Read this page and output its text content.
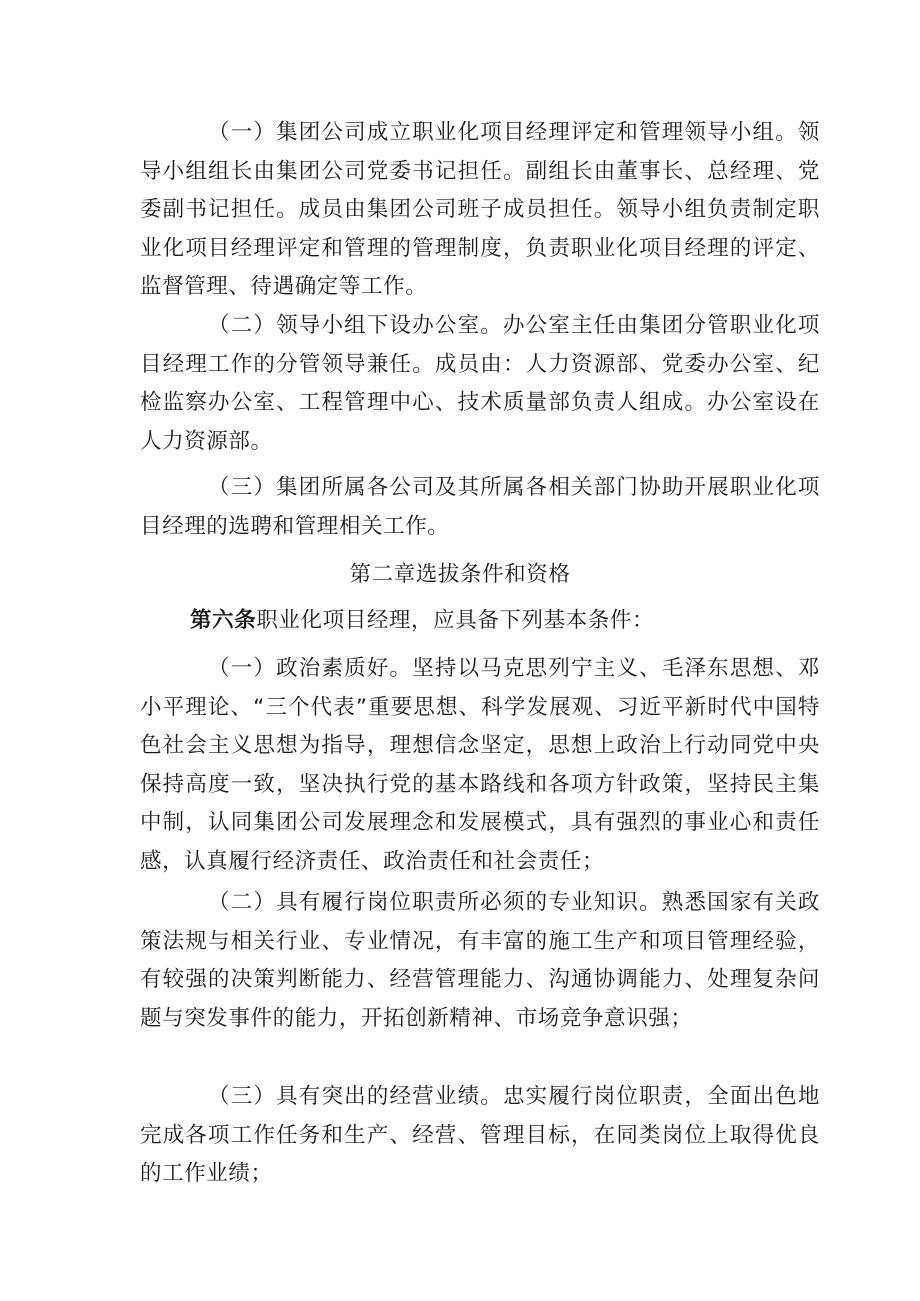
（一）集团公司成立职业化项目经理评定和管理领导小组。领导小组组长由集团公司党委书记担任。副组长由董事长、总经理、党委副书记担任。成员由集团公司班子成员担任。领导小组负责制定职业化项目经理评定和管理的管理制度，负责职业化项目经理的评定、监督管理、待遇确定等工作。

（二）领导小组下设办公室。办公室主任由集团分管职业化项目经理工作的分管领导兼任。成员由：人力资源部、党委办公室、纪检监察办公室、工程管理中心、技术质量部负责人组成。办公室设在人力资源部。

（三）集团所属各公司及其所属各相关部门协助开展职业化项目经理的选聘和管理相关工作。

第二章选拔条件和资格

第六条职业化项目经理，应具备下列基本条件：

（一）政治素质好。坚持以马克思列宁主义、毛泽东思想、邓小平理论、“三个代表”重要思想、科学发展观、习近平新时代中国特色社会主义思想为指导，理想信念坚定，思想上政治上行动同党中央保持高度一致，坚决执行党的基本路线和各项方针政策，坚持民主集中制，认同集团公司发展理念和发展模式，具有强烈的事业心和责任感，认真履行经济责任、政治责任和社会责任；

（二）具有履行岗位职责所必须的专业知识。熟悉国家有关政策法规与相关行业、专业情况，有丰富的施工生产和项目管理经验，有较强的决策判断能力、经营管理能力、沟通协调能力、处理复杂问题与突发事件的能力，开拓创新精神、市场竞争意识强；

（三）具有突出的经营业绩。忠实履行岗位职责，全面出色地完成各项工作任务和生产、经营、管理目标，在同类岗位上取得优良的工作业绩；
